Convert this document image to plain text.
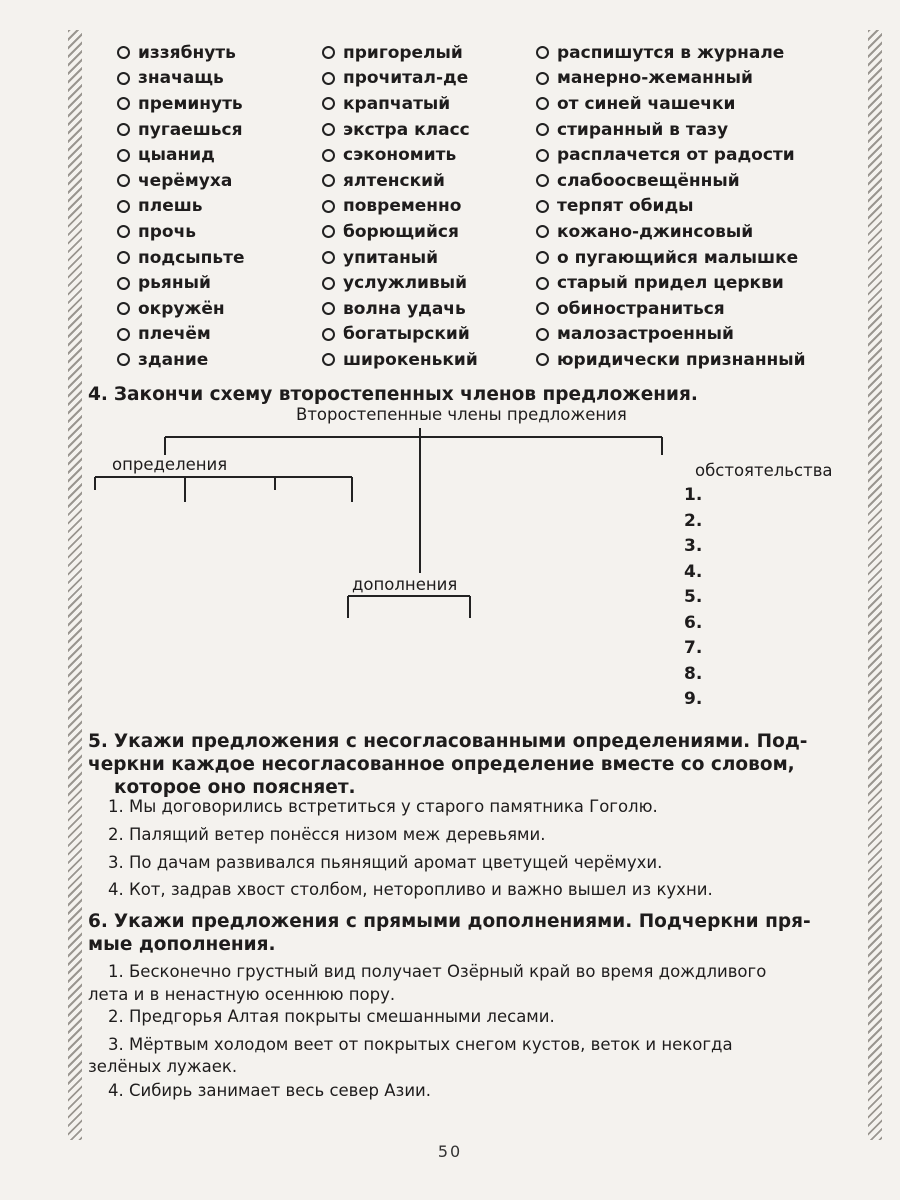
иззябнуть
значащь
преминуть
пугаешься
цыанид
черёмуха
плешь
прочь
подсыпьте
рьяный
окружён
плечём
здание
пригорелый
прочитал-де
крапчатый
экстра класс
сэкономить
ялтенский
повременно
борющийся
упитаный
услужливый
волна удачь
богатырский
широкенький
распишутся в журнале
манерно-жеманный
от синей чашечки
стиранный в тазу
расплачется от радости
слабоосвещённый
терпят обиды
кожано-джинсовый
о пугающийся малышке
старый придел церкви
обиностраниться
малозастроенный
юридически признанный
4. Закончи схему второстепенных членов предложения.
Второстепенные члены предложения
определения	обстоятельства
дополнения
1.
2.
3.
4.
5.
6.
7.
8.
9.
5. Укажи предложения с несогласованными определениями. Под-
черкни каждое несогласованное определение вместе со словом,
которое оно поясняет.
1. Мы договорились встретиться у старого памятника Гоголю.
2. Палящий ветер понёсся низом меж деревьями.
3. По дачам развивался пьянящий аромат цветущей черёмухи.
4. Кот, задрав хвост столбом, неторопливо и важно вышел из кухни.
6. Укажи предложения с прямыми дополнениями. Подчеркни пря-
мые дополнения.
1. Бесконечно грустный вид получает Озёрный край во время дождливого
лета и в ненастную осеннюю пору.
2. Предгорья Алтая покрыты смешанными лесами.
3. Мёртвым холодом веет от покрытых снегом кустов, веток и некогда
зелёных лужаек.
4. Сибирь занимает весь север Азии.
50
